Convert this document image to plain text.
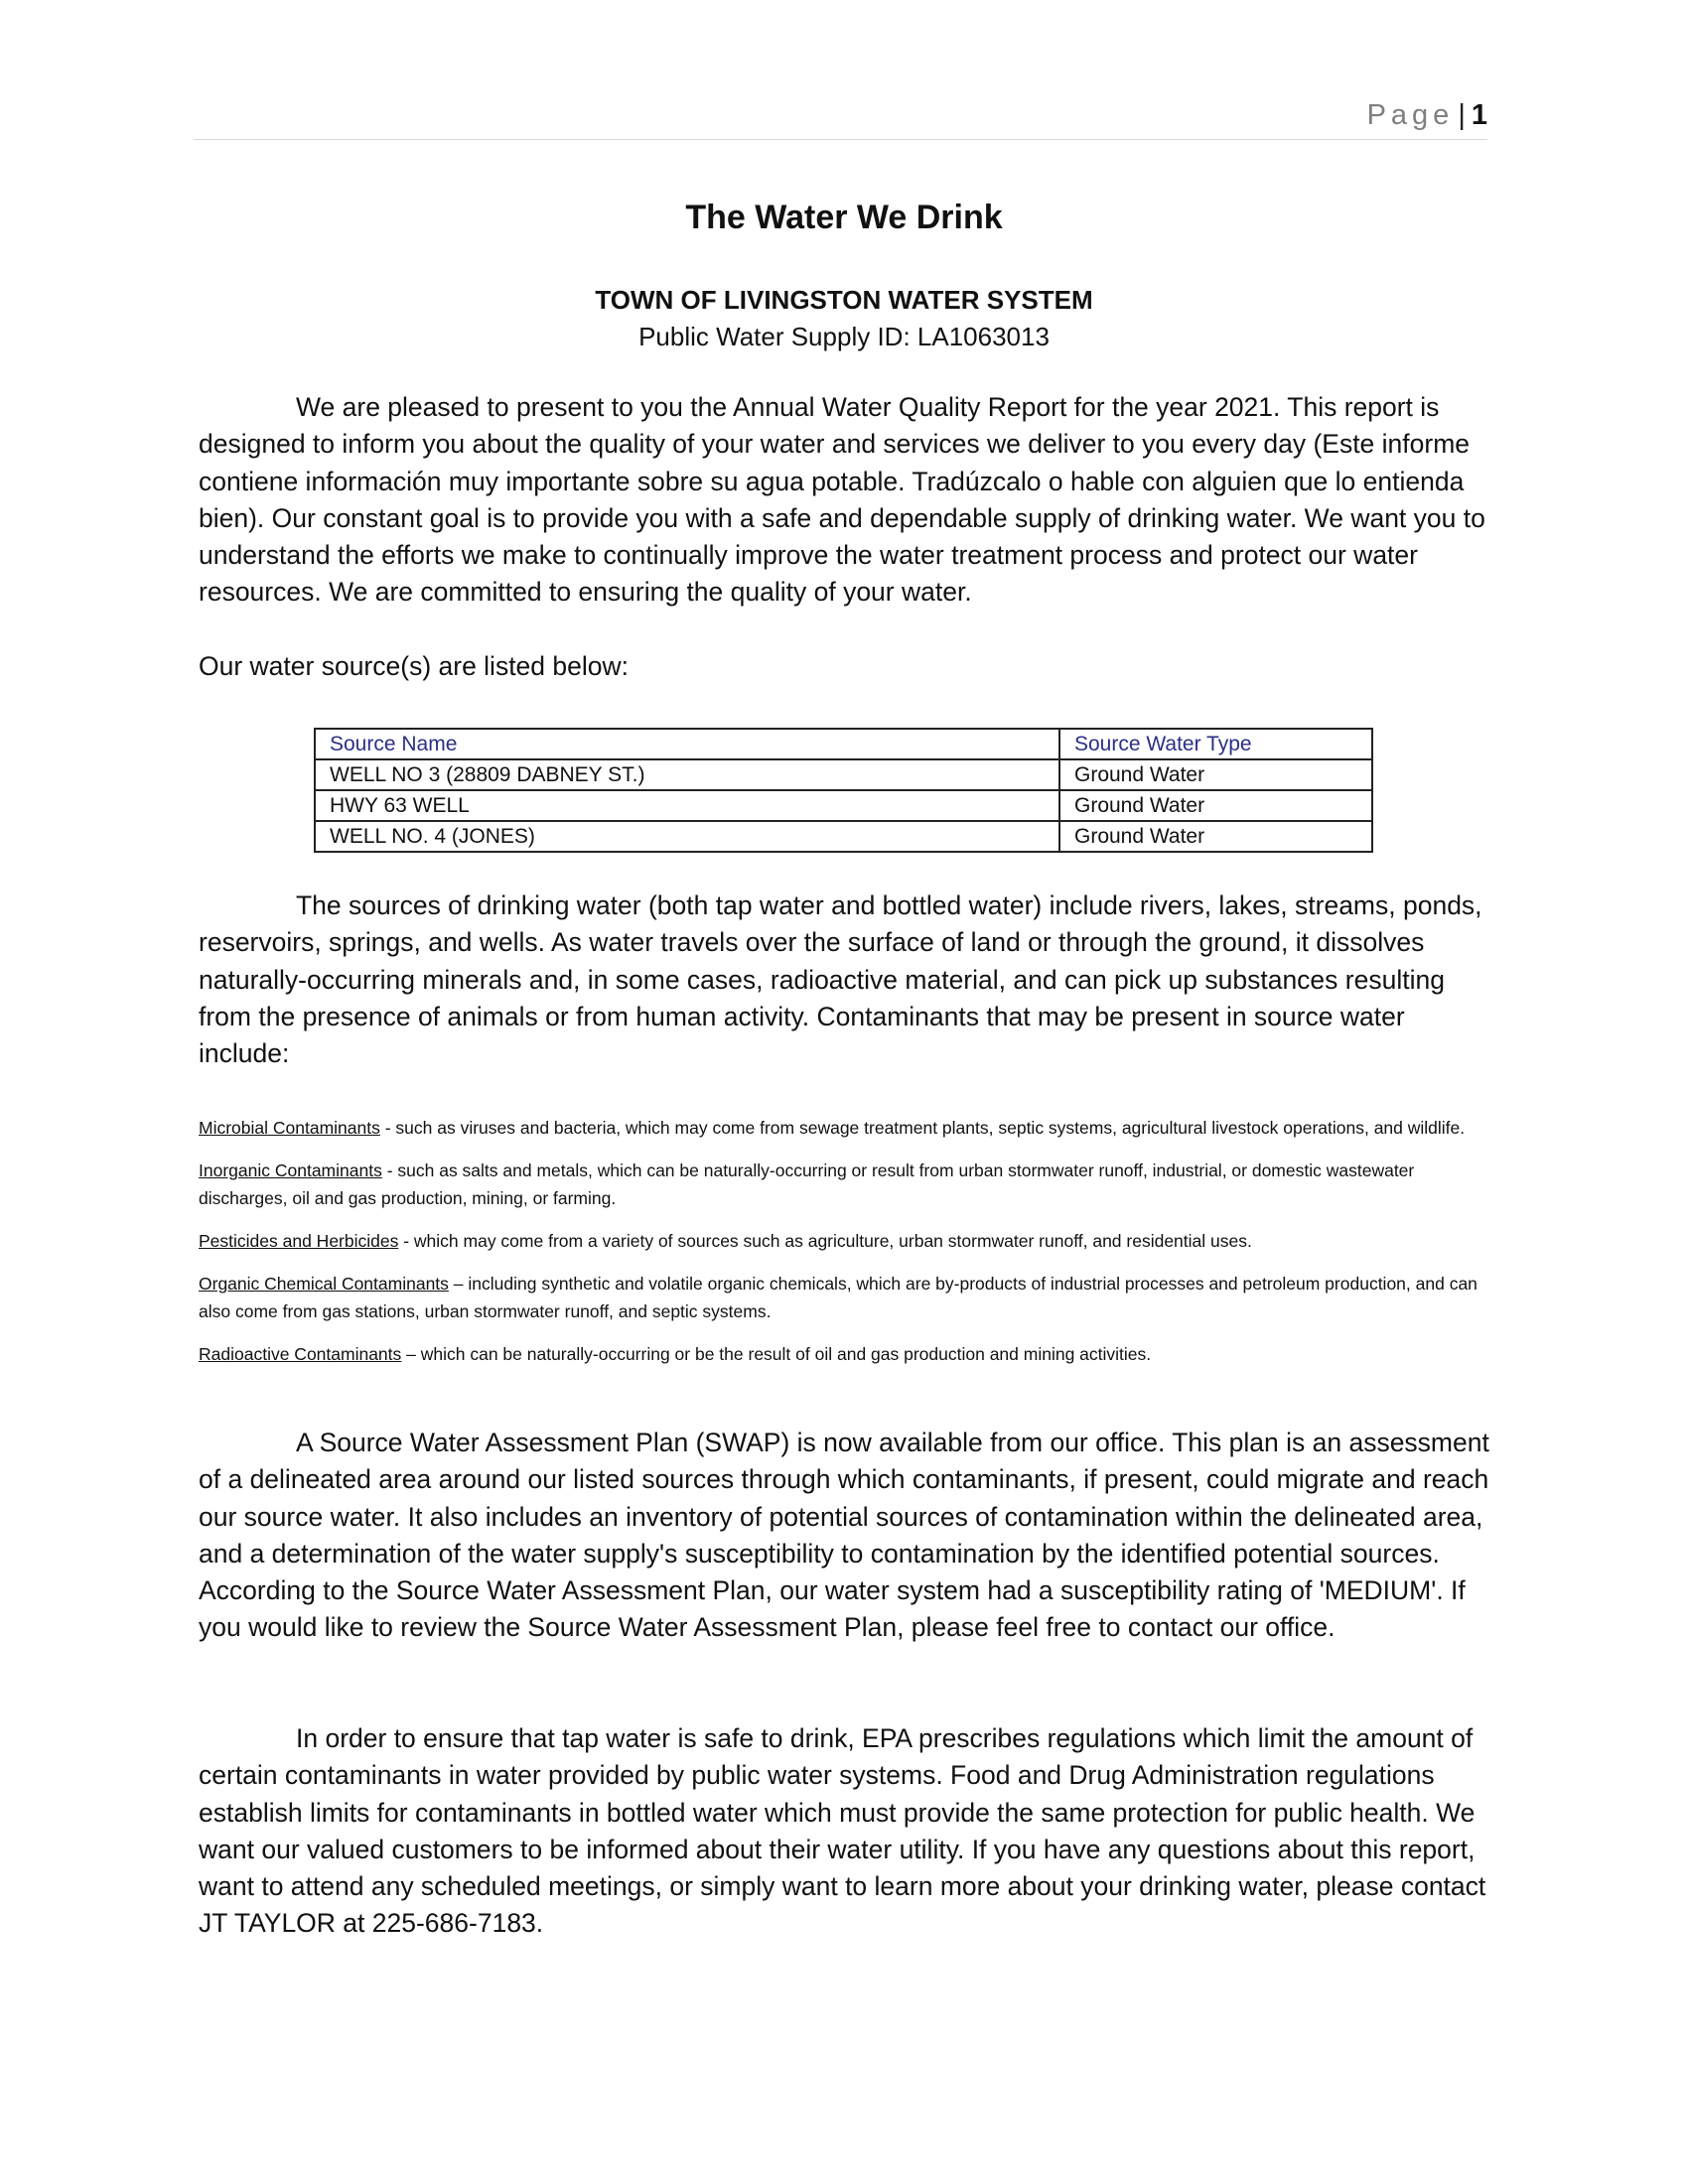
Page | 1
The Water We Drink

TOWN OF LIVINGSTON WATER SYSTEM

Public Water Supply ID: LA1063013

We are pleased to present to you the Annual Water Quality Report for the year 2021. This report is designed to inform you about the quality of your water and services we deliver to you every day (Este informe contiene información muy importante sobre su agua potable. Tradúzcalo o hable con alguien que lo entienda bien). Our constant goal is to provide you with a safe and dependable supply of drinking water. We want you to understand the efforts we make to continually improve the water treatment process and protect our water resources. We are committed to ensuring the quality of your water.

Our water source(s) are listed below:

Source Name	Source Water Type
WELL NO 3 (28809 DABNEY ST.)	Ground Water
HWY 63 WELL	Ground Water
WELL NO. 4 (JONES)	Ground Water

The sources of drinking water (both tap water and bottled water) include rivers, lakes, streams, ponds, reservoirs, springs, and wells. As water travels over the surface of land or through the ground, it dissolves naturally-occurring minerals and, in some cases, radioactive material, and can pick up substances resulting from the presence of animals or from human activity. Contaminants that may be present in source water include:

Microbial Contaminants - such as viruses and bacteria, which may come from sewage treatment plants, septic systems, agricultural livestock operations, and wildlife.

Inorganic Contaminants - such as salts and metals, which can be naturally-occurring or result from urban stormwater runoff, industrial, or domestic wastewater discharges, oil and gas production, mining, or farming.

Pesticides and Herbicides - which may come from a variety of sources such as agriculture, urban stormwater runoff, and residential uses.

Organic Chemical Contaminants – including synthetic and volatile organic chemicals, which are by-products of industrial processes and petroleum production, and can also come from gas stations, urban stormwater runoff, and septic systems.

Radioactive Contaminants – which can be naturally-occurring or be the result of oil and gas production and mining activities.

A Source Water Assessment Plan (SWAP) is now available from our office. This plan is an assessment of a delineated area around our listed sources through which contaminants, if present, could migrate and reach our source water. It also includes an inventory of potential sources of contamination within the delineated area, and a determination of the water supply's susceptibility to contamination by the identified potential sources. According to the Source Water Assessment Plan, our water system had a susceptibility rating of 'MEDIUM'. If you would like to review the Source Water Assessment Plan, please feel free to contact our office.

In order to ensure that tap water is safe to drink, EPA prescribes regulations which limit the amount of certain contaminants in water provided by public water systems. Food and Drug Administration regulations establish limits for contaminants in bottled water which must provide the same protection for public health. We want our valued customers to be informed about their water utility. If you have any questions about this report, want to attend any scheduled meetings, or simply want to learn more about your drinking water, please contact JT TAYLOR at 225-686-7183.
